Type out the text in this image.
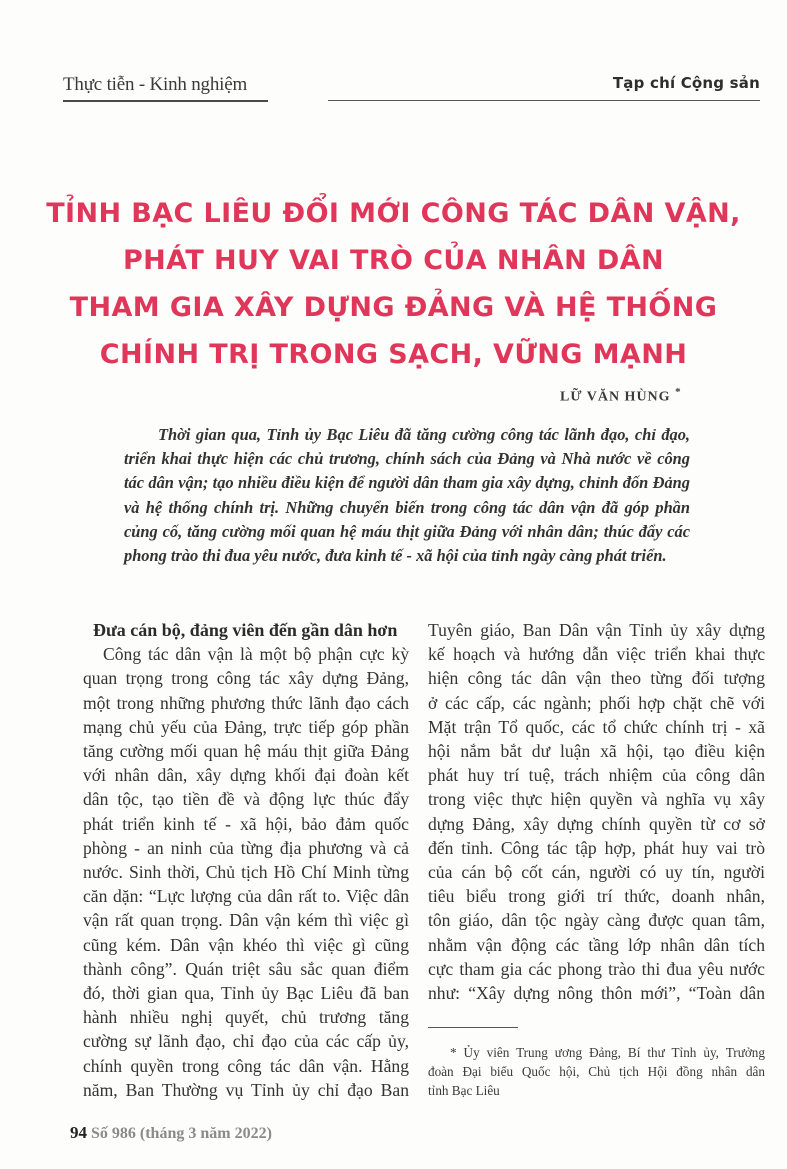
Thực tiễn - Kinh nghiệm	Tạp chí Cộng sản
TỈNH BẠC LIÊU ĐỔI MỚI CÔNG TÁC DÂN VẬN,
PHÁT HUY VAI TRÒ CỦA NHÂN DÂN
THAM GIA XÂY DỰNG ĐẢNG VÀ HỆ THỐNG
CHÍNH TRỊ TRONG SẠCH, VỮNG MẠNH
LỮ VĂN HÙNG *
Thời gian qua, Tỉnh ủy Bạc Liêu đã tăng cường công tác lãnh đạo, chỉ đạo, triển khai thực hiện các chủ trương, chính sách của Đảng và Nhà nước về công tác dân vận; tạo nhiều điều kiện để người dân tham gia xây dựng, chỉnh đốn Đảng và hệ thống chính trị. Những chuyển biến trong công tác dân vận đã góp phần củng cố, tăng cường mối quan hệ máu thịt giữa Đảng với nhân dân; thúc đẩy các phong trào thi đua yêu nước, đưa kinh tế - xã hội của tỉnh ngày càng phát triển.
Đưa cán bộ, đảng viên đến gần dân hơn
Công tác dân vận là một bộ phận cực kỳ
quan trọng trong công tác xây dựng Đảng,
một trong những phương thức lãnh đạo cách
mạng chủ yếu của Đảng, trực tiếp góp phần
tăng cường mối quan hệ máu thịt giữa Đảng
với nhân dân, xây dựng khối đại đoàn kết
dân tộc, tạo tiền đề và động lực thúc đẩy
phát triển kinh tế - xã hội, bảo đảm quốc
phòng - an ninh của từng địa phương và cả
nước. Sinh thời, Chủ tịch Hồ Chí Minh từng
căn dặn: “Lực lượng của dân rất to. Việc dân
vận rất quan trọng. Dân vận kém thì việc gì
cũng kém. Dân vận khéo thì việc gì cũng
thành công”. Quán triệt sâu sắc quan điểm
đó, thời gian qua, Tỉnh ủy Bạc Liêu đã ban
hành nhiều nghị quyết, chủ trương tăng
cường sự lãnh đạo, chỉ đạo của các cấp ủy,
chính quyền trong công tác dân vận. Hằng
năm, Ban Thường vụ Tỉnh ủy chỉ đạo Ban
Tuyên giáo, Ban Dân vận Tỉnh ủy xây dựng
kế hoạch và hướng dẫn việc triển khai thực
hiện công tác dân vận theo từng đối tượng
ở các cấp, các ngành; phối hợp chặt chẽ với
Mặt trận Tổ quốc, các tổ chức chính trị - xã
hội nắm bắt dư luận xã hội, tạo điều kiện
phát huy trí tuệ, trách nhiệm của công dân
trong việc thực hiện quyền và nghĩa vụ xây
dựng Đảng, xây dựng chính quyền từ cơ sở
đến tỉnh. Công tác tập hợp, phát huy vai trò
của cán bộ cốt cán, người có uy tín, người
tiêu biểu trong giới trí thức, doanh nhân,
tôn giáo, dân tộc ngày càng được quan tâm,
nhằm vận động các tầng lớp nhân dân tích
cực tham gia các phong trào thi đua yêu nước
như: “Xây dựng nông thôn mới”, “Toàn dân
* Ủy viên Trung ương Đảng, Bí thư Tỉnh ủy, Trưởng
đoàn Đại biểu Quốc hội, Chủ tịch Hội đồng nhân dân
tỉnh Bạc Liêu
94 Số 986 (tháng 3 năm 2022)
